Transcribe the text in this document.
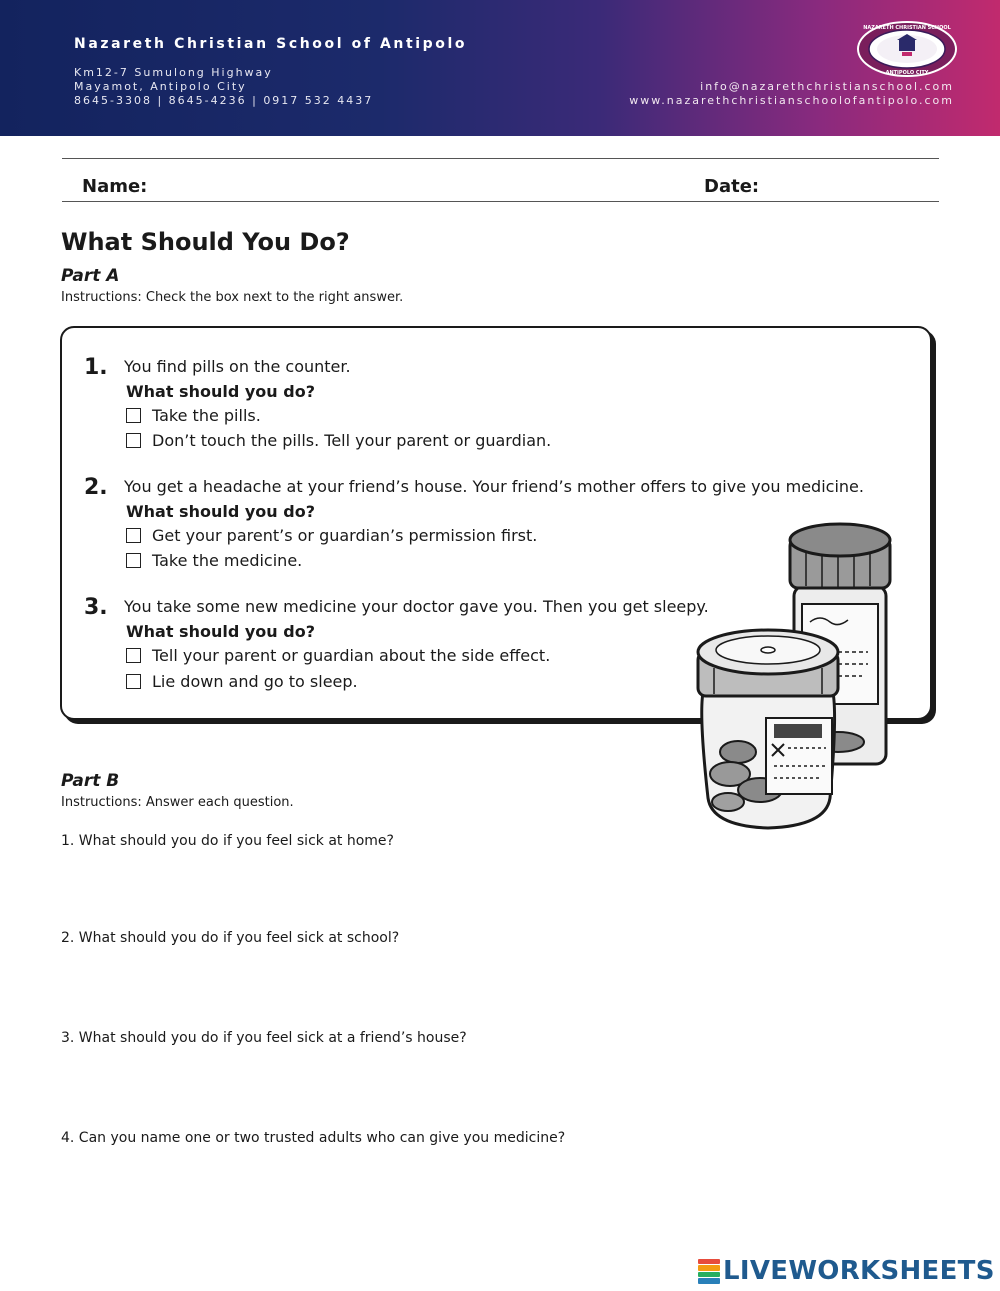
Nazareth Christian School of Antipolo
Km12-7 Sumulong Highway
Mayamot, Antipolo City
8645-3308 | 8645-4236 | 0917 532 4437
info@nazarethchristianschool.com
www.nazarethchristianschoolofantipolo.com
NAZARETH CHRISTIAN SCHOOL
ANTIPOLO CITY
Name:	Date:
What Should You Do?
Part A
Instructions: Check the box next to the right answer.
1. You find pills on the counter.
What should you do?
Take the pills.
Don’t touch the pills. Tell your parent or guardian.
2. You get a headache at your friend’s house. Your friend’s mother offers to give you medicine.
What should you do?
Get your parent’s or guardian’s permission first.
Take the medicine.
3. You take some new medicine your doctor gave you. Then you get sleepy.
What should you do?
Tell your parent or guardian about the side effect.
Lie down and go to sleep.
Part B
Instructions: Answer each question.
1. What should you do if you feel sick at home?
2. What should you do if you feel sick at school?
3. What should you do if you feel sick at a friend’s house?
4. Can you name one or two trusted adults who can give you medicine?
LIVEWORKSHEETS
